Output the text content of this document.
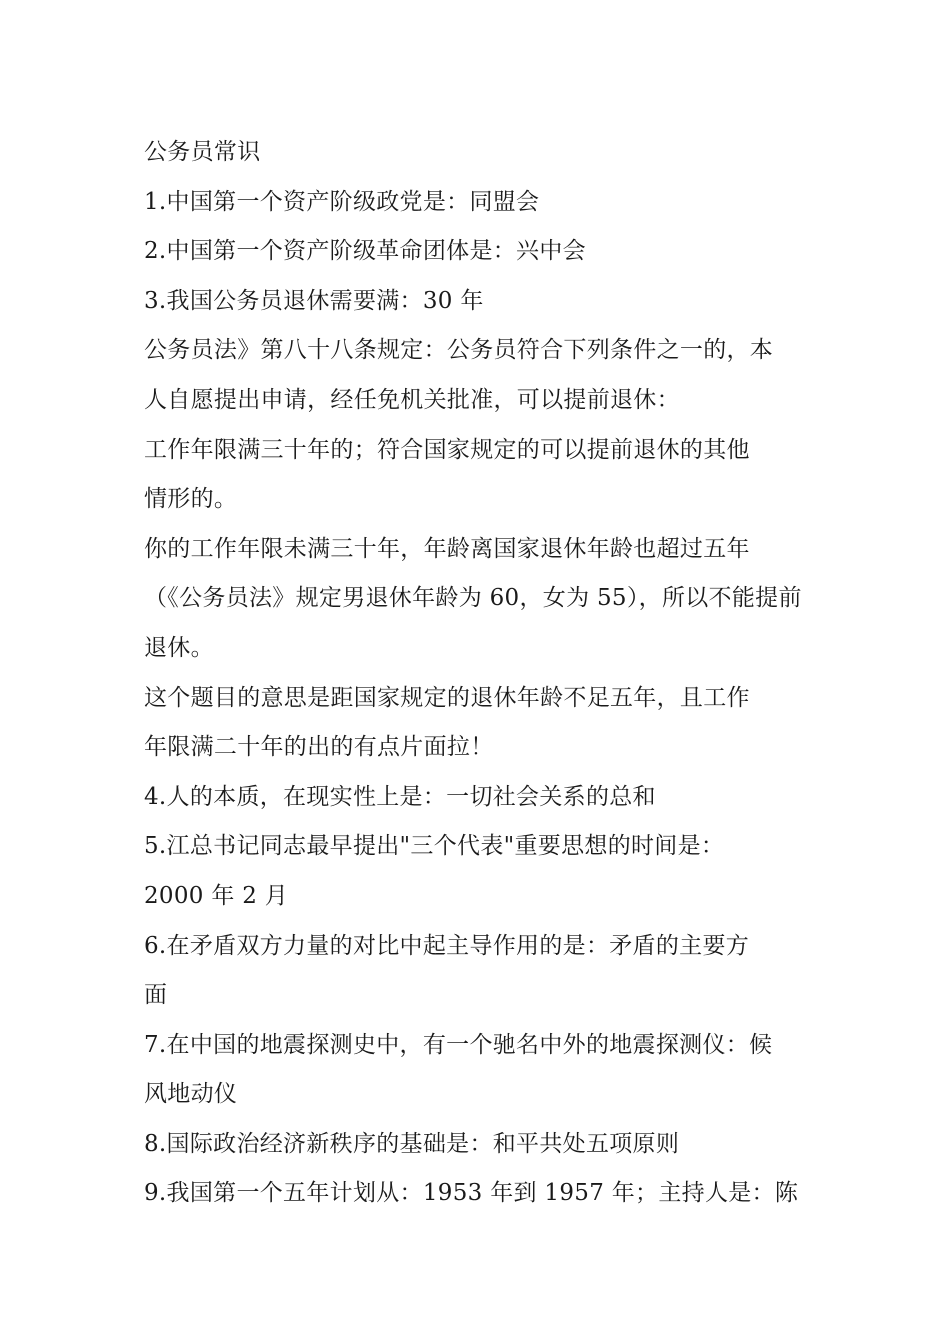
公务员常识
1.中国第一个资产阶级政党是：同盟会
2.中国第一个资产阶级革命团体是：兴中会
3.我国公务员退休需要满：30 年
公务员法》第八十八条规定：公务员符合下列条件之一的，本
人自愿提出申请，经任免机关批准，可以提前退休：
工作年限满三十年的；符合国家规定的可以提前退休的其他
情形的。
你的工作年限未满三十年，年龄离国家退休年龄也超过五年
（《公务员法》规定男退休年龄为 60，女为 55），所以不能提前
退休。
这个题目的意思是距国家规定的退休年龄不足五年，且工作
年限满二十年的出的有点片面拉！
4.人的本质，在现实性上是：一切社会关系的总和
5.江总书记同志最早提出"三个代表"重要思想的时间是：
2000 年 2 月
6.在矛盾双方力量的对比中起主导作用的是：矛盾的主要方
面
7.在中国的地震探测史中，有一个驰名中外的地震探测仪：候
风地动仪
8.国际政治经济新秩序的基础是：和平共处五项原则
9.我国第一个五年计划从：1953 年到 1957 年；主持人是：陈
